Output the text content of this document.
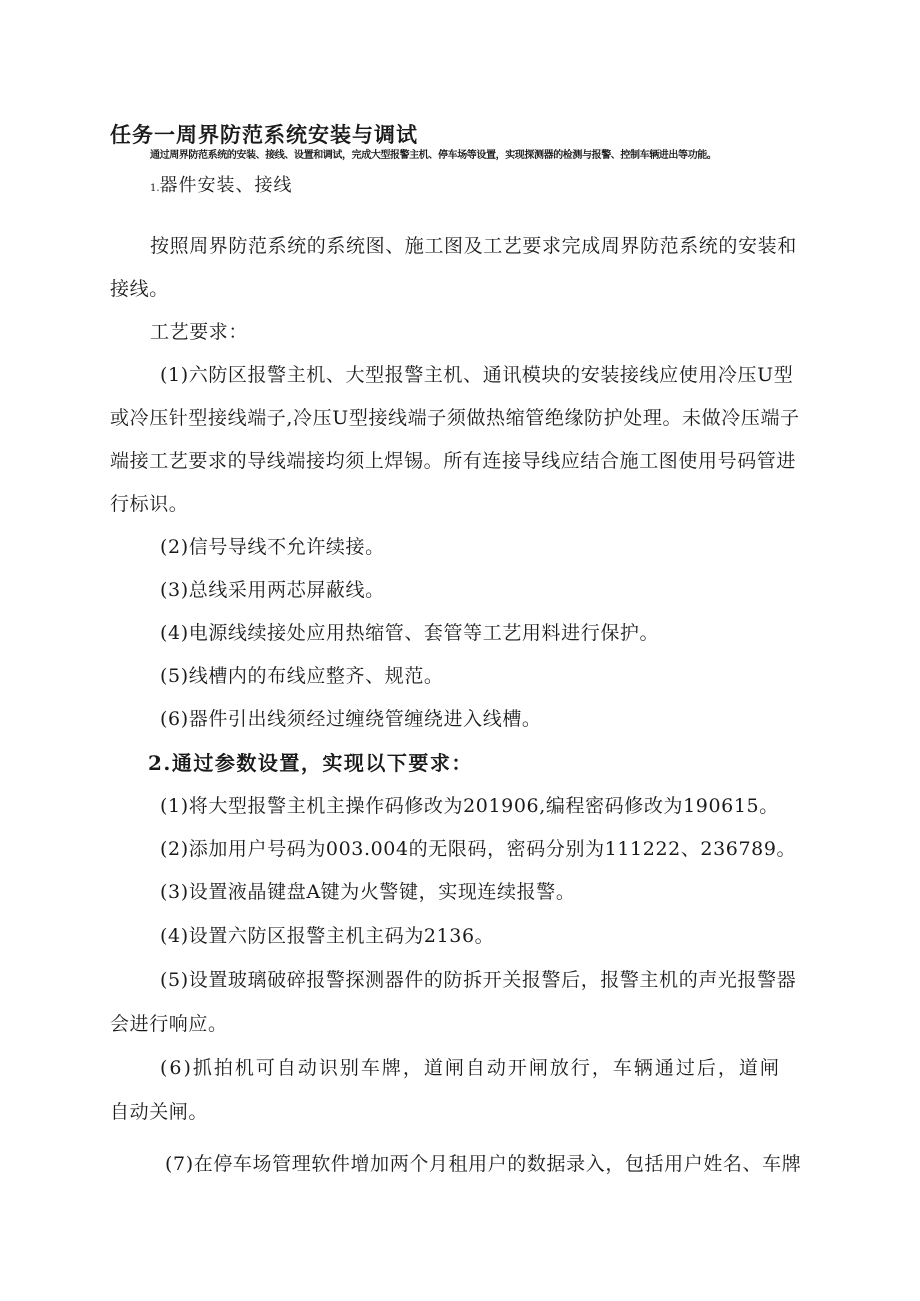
任务一周界防范系统安装与调试

通过周界防范系统的安装、接线、设置和调试，完成大型报警主机、停车场等设置，实现探测器的检测与报警、控制车辆进出等功能。

1.器件安装、接线

按照周界防范系统的系统图、施工图及工艺要求完成周界防范系统的安装和

接线。

工艺要求：

(1)六防区报警主机、大型报警主机、通讯模块的安装接线应使用冷压U型

或冷压针型接线端子,冷压U型接线端子须做热缩管绝缘防护处理。未做冷压端子

端接工艺要求的导线端接均须上焊锡。所有连接导线应结合施工图使用号码管进

行标识。

(2)信号导线不允许续接。

(3)总线采用两芯屏蔽线。

(4)电源线续接处应用热缩管、套管等工艺用料进行保护。

(5)线槽内的布线应整齐、规范。

(6)器件引出线须经过缠绕管缠绕进入线槽。

2.通过参数设置，实现以下要求：

(1)将大型报警主机主操作码修改为201906,编程密码修改为190615。

(2)添加用户号码为003.004的无限码，密码分别为111222、236789。

(3)设置液晶键盘A键为火警键，实现连续报警。

(4)设置六防区报警主机主码为2136。

(5)设置玻璃破碎报警探测器件的防拆开关报警后，报警主机的声光报警器

会进行响应。

(6)抓拍机可自动识别车牌，道闸自动开闸放行，车辆通过后，道闸

自动关闸。

(7)在停车场管理软件增加两个月租用户的数据录入，包括用户姓名、车牌
